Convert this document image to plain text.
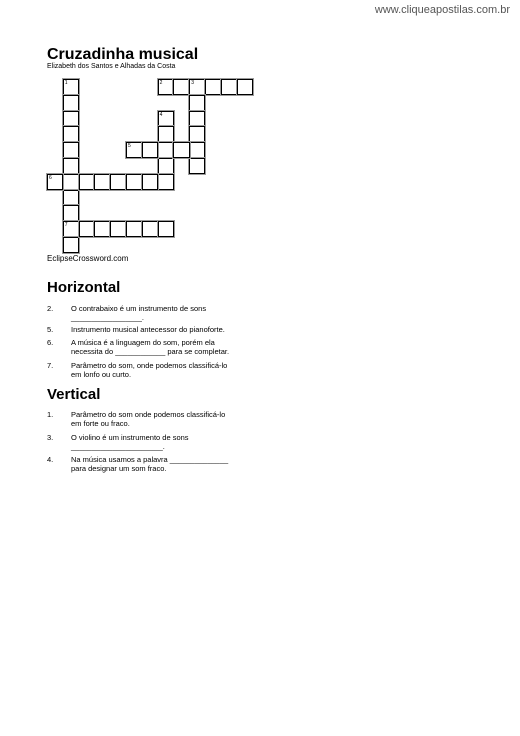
www.cliqueapostilas.com.br
Cruzadinha musical
Elizabeth dos Santos e Alhadas da Costa
1
7
2	3
4
5
6
EclipseCrossword.com
Horizontal
2. O contrabaixo é um instrumento de sons
_________________.
5. Instrumento musical antecessor do pianoforte.
6. A música é a linguagem do som, porém ela
necessita do ____________ para se completar.
7. Parâmetro do som, onde podemos classificá-lo
em lonfo ou curto.
Vertical
1. Parâmetro do som onde podemos classificá-lo
em forte ou fraco.
3. O violino é um instrumento de sons
______________________.
4. Na música usamos a palavra ______________
para designar um som fraco.
